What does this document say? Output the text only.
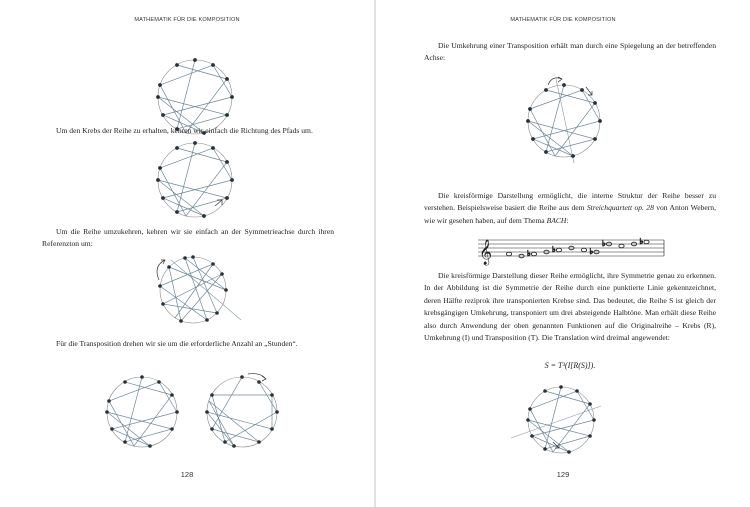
MATHEMATIK FÜR DIE KOMPOSITION

Um den Krebs der Reihe zu erhalten, kehren wir einfach die Richtung des Pfads um.

Um die Reihe umzukehren, kehren wir sie einfach an der Symmetrieachse durch ihren Referenzton um:

Für die Transposition drehen wir sie um die erforderliche Anzahl an „Stunden“.

128
MATHEMATIK FÜR DIE KOMPOSITION

Die Umkehrung einer Transposition erhält man durch eine Spiegelung an der betreffenden Achse:

Die kreisförmige Darstellung ermöglicht, die interne Struktur der Reihe besser zu verstehen. Beispielsweise basiert die Reihe aus dem Streichquartett op. 28 von Anton Webern, wie wir gesehen haben, auf dem Thema BACH:

𝄞	♭	♭	♭
♭	♭

Die kreisförmige Darstellung dieser Reihe ermöglicht, ihre Symmetrie genau zu erkennen. In der Abbildung ist die Symmetrie der Reihe durch eine punktierte Linie gekennzeichnet, deren Hälfte reziprok ihre transponierten Krebse sind. Das bedeutet, die Reihe S ist gleich der krebsgängigen Umkehrung, transponiert um drei absteigende Halbtöne. Man erhält diese Reihe also durch Anwendung der oben genannten Funktionen auf die Originalreihe – Krebs (R), Umkehrung (I) und Transposition (T). Die Translation wird dreimal angewendet:

S = T³(I[R(S)]).
129
